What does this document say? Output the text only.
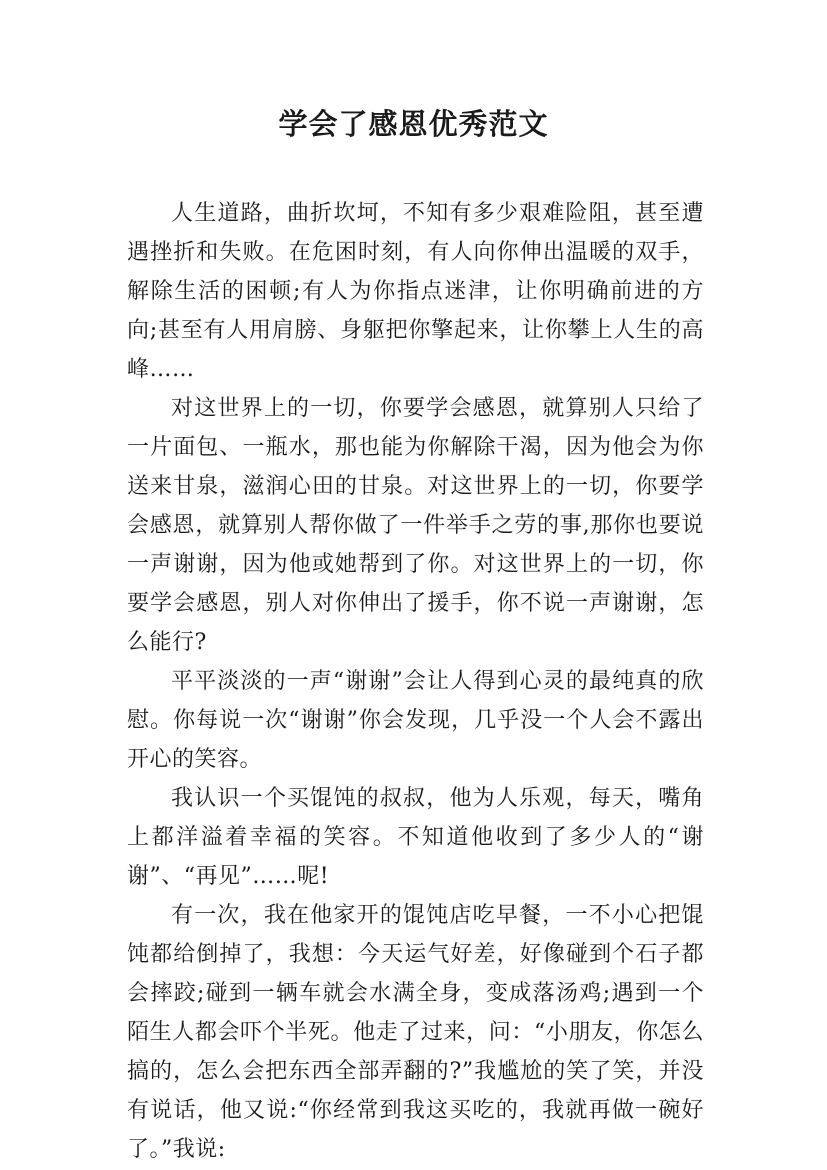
学会了感恩优秀范文

人生道路，曲折坎坷，不知有多少艰难险阻，甚至遭遇挫折和失败。在危困时刻，有人向你伸出温暖的双手，解除生活的困顿;有人为你指点迷津，让你明确前进的方向;甚至有人用肩膀、身躯把你擎起来，让你攀上人生的高峰……

对这世界上的一切，你要学会感恩，就算别人只给了一片面包、一瓶水，那也能为你解除干渴，因为他会为你送来甘泉，滋润心田的甘泉。对这世界上的一切，你要学会感恩，就算别人帮你做了一件举手之劳的事,那你也要说一声谢谢，因为他或她帮到了你。对这世界上的一切，你要学会感恩，别人对你伸出了援手，你不说一声谢谢，怎么能行?

平平淡淡的一声“谢谢”会让人得到心灵的最纯真的欣慰。你每说一次“谢谢”你会发现，几乎没一个人会不露出开心的笑容。

我认识一个买馄饨的叔叔，他为人乐观，每天，嘴角上都洋溢着幸福的笑容。不知道他收到了多少人的“谢谢”、“再见”……呢!

有一次，我在他家开的馄饨店吃早餐，一不小心把馄饨都给倒掉了，我想：今天运气好差，好像碰到个石子都会摔跤;碰到一辆车就会水满全身，变成落汤鸡;遇到一个陌生人都会吓个半死。他走了过来，问：“小朋友，你怎么搞的，怎么会把东西全部弄翻的?”我尴尬的笑了笑，并没有说话，他又说:“你经常到我这买吃的，我就再做一碗好了。”我说:
